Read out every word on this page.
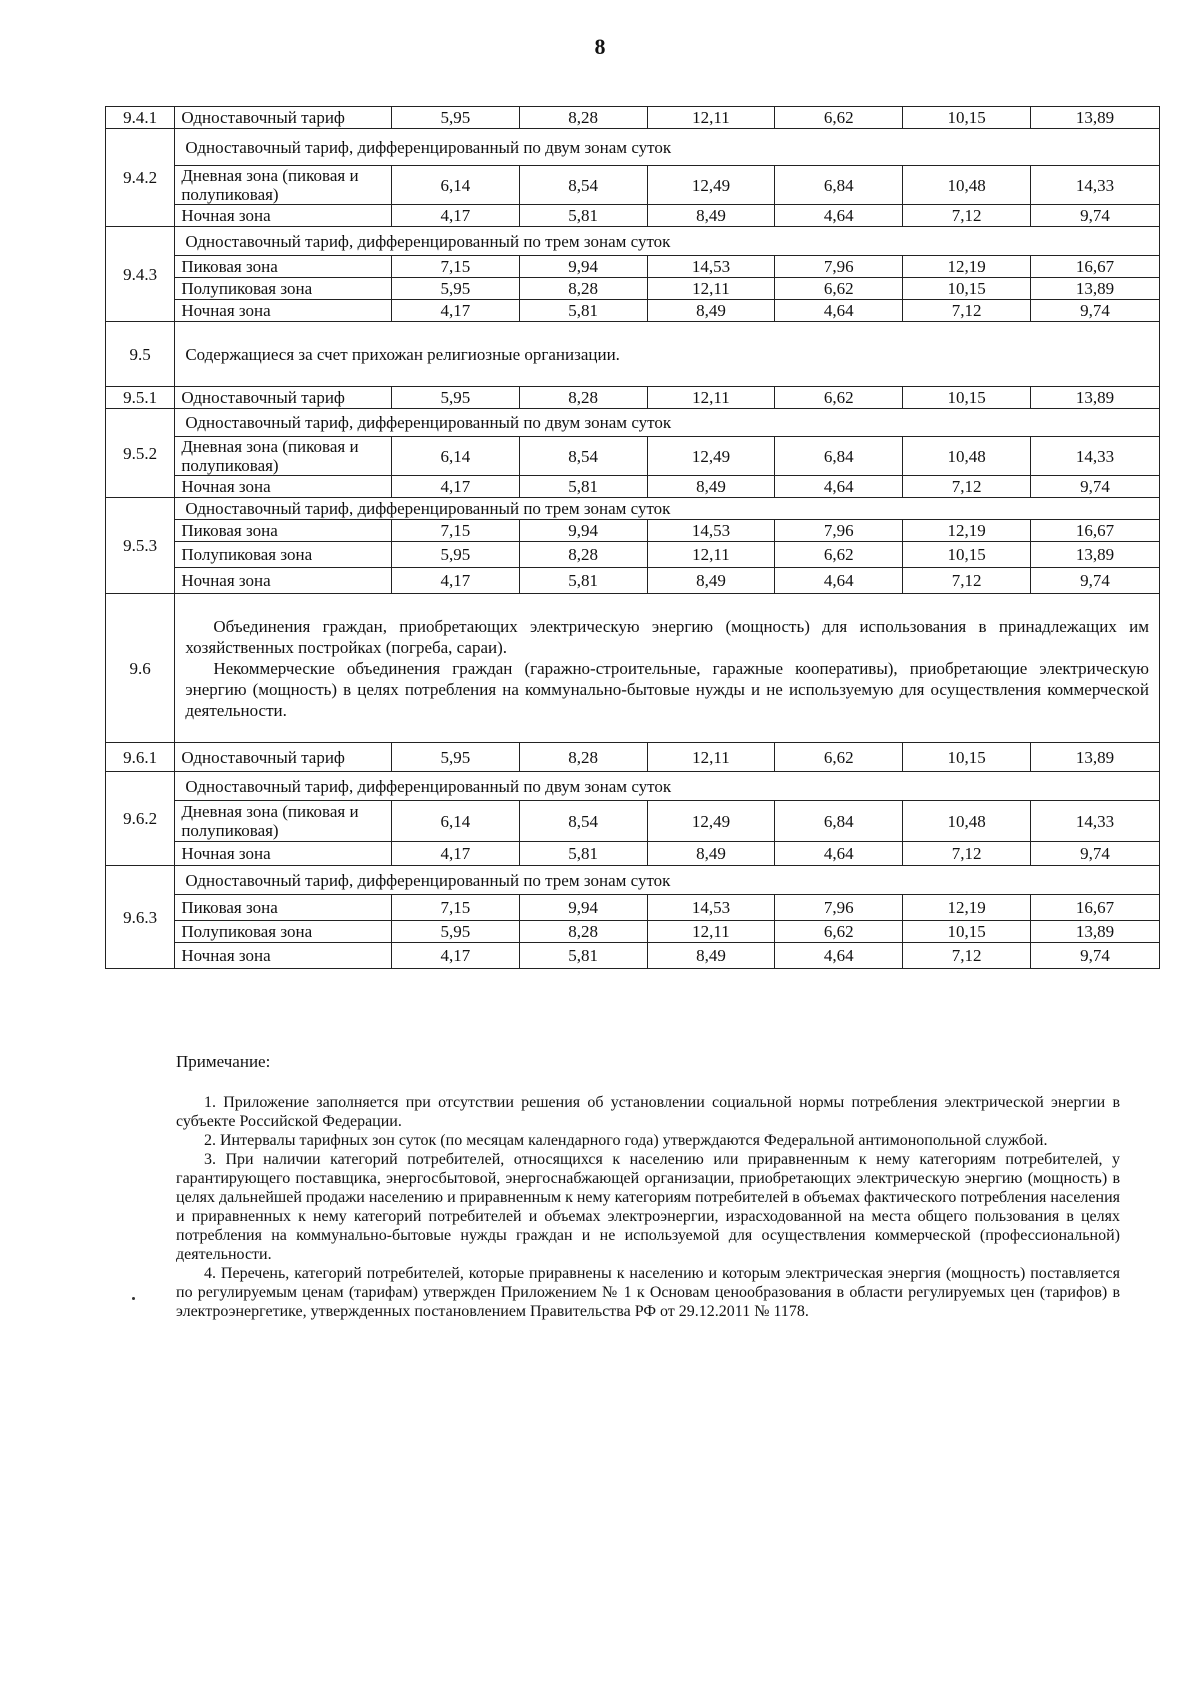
8
9.4.1	Одноставочный тариф	5,95	8,28	12,11	6,62	10,15	13,89
9.4.2	Одноставочный тариф, дифференцированный по двум зонам суток						
	Дневная зона (пиковая и полупиковая)	6,14	8,54	12,49	6,84	10,48	14,33
	Ночная зона	4,17	5,81	8,49	4,64	7,12	9,74
9.4.3	Одноставочный тариф, дифференцированный по трем зонам суток						
	Пиковая зона	7,15	9,94	14,53	7,96	12,19	16,67
	Полупиковая зона	5,95	8,28	12,11	6,62	10,15	13,89
	Ночная зона	4,17	5,81	8,49	4,64	7,12	9,74
9.5	Содержащиеся за счет прихожан религиозные организации.						
9.5.1	Одноставочный тариф	5,95	8,28	12,11	6,62	10,15	13,89
9.5.2	Одноставочный тариф, дифференцированный по двум зонам суток						
	Дневная зона (пиковая и полупиковая)	6,14	8,54	12,49	6,84	10,48	14,33
	Ночная зона	4,17	5,81	8,49	4,64	7,12	9,74
9.5.3	Одноставочный тариф, дифференцированный по трем зонам суток						
	Пиковая зона	7,15	9,94	14,53	7,96	12,19	16,67
	Полупиковая зона	5,95	8,28	12,11	6,62	10,15	13,89
	Ночная зона	4,17	5,81	8,49	4,64	7,12	9,74
9.6	Объединения граждан, приобретающих электрическую энергию (мощность) для использования в принадлежащих им хозяйственных постройках (погреба, сараи).

Некоммерческие объединения граждан (гаражно-строительные, гаражные кооперативы), приобретающие электрическую энергию (мощность) в целях потребления на коммунально-бытовые нужды и не используемую для осуществления коммерческой деятельности.						

9.6.1	Одноставочный тариф	5,95	8,28	12,11	6,62	10,15	13,89
9.6.2	Одноставочный тариф, дифференцированный по двум зонам суток						
	Дневная зона (пиковая и полупиковая)	6,14	8,54	12,49	6,84	10,48	14,33
	Ночная зона	4,17	5,81	8,49	4,64	7,12	9,74
9.6.3	Одноставочный тариф, дифференцированный по трем зонам суток						
	Пиковая зона	7,15	9,94	14,53	7,96	12,19	16,67
	Полупиковая зона	5,95	8,28	12,11	6,62	10,15	13,89
	Ночная зона	4,17	5,81	8,49	4,64	7,12	9,74
Примечание:

1. Приложение заполняется при отсутствии решения об установлении социальной нормы потребления электрической энергии в субъекте Российской Федерации.

2. Интервалы тарифных зон суток (по месяцам календарного года) утверждаются Федеральной антимонопольной службой.

3. При наличии категорий потребителей, относящихся к населению или приравненным к нему категориям потребителей, у гарантирующего поставщика, энергосбытовой, энергоснабжающей организации, приобретающих электрическую энергию (мощность) в целях дальнейшей продажи населению и приравненным к нему категориям потребителей в объемах фактического потребления населения и приравненных к нему категорий потребителей и объемах электроэнергии, израсходованной на места общего пользования в целях потребления на коммунально-бытовые нужды граждан и не используемой для осуществления коммерческой (профессиональной) деятельности.

4. Перечень, категорий потребителей, которые приравнены к населению и которым электрическая энергия (мощность) поставляется по регулируемым ценам (тарифам) утвержден Приложением № 1 к Основам ценообразования в области регулируемых цен (тарифов) в электроэнергетике, утвержденных постановлением Правительства РФ от 29.12.2011 № 1178.
